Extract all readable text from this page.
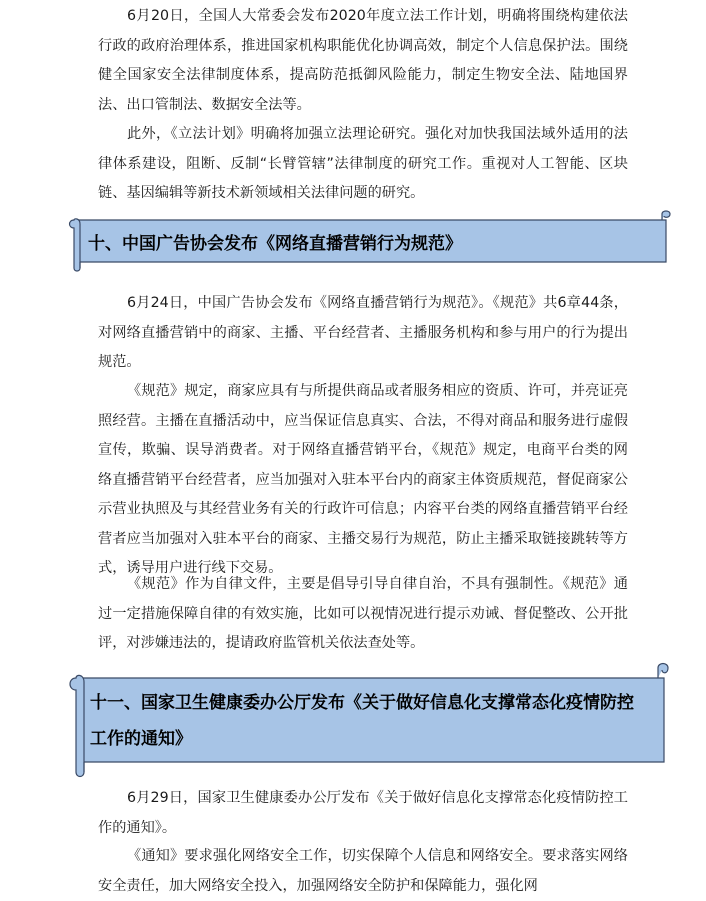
6月20日，全国人大常委会发布2020年度立法工作计划，明确将围绕构建依法行政的政府治理体系，推进国家机构职能优化协调高效，制定个人信息保护法。围绕健全国家安全法律制度体系，提高防范抵御风险能力，制定生物安全法、陆地国界法、出口管制法、数据安全法等。

此外，《立法计划》明确将加强立法理论研究。强化对加快我国法域外适用的法律体系建设，阻断、反制“长臂管辖”法律制度的研究工作。重视对人工智能、区块链、基因编辑等新技术新领域相关法律问题的研究。

十、中国广告协会发布《网络直播营销行为规范》

6月24日，中国广告协会发布《网络直播营销行为规范》。《规范》共6章44条，对网络直播营销中的商家、主播、平台经营者、主播服务机构和参与用户的行为提出规范。

《规范》规定，商家应具有与所提供商品或者服务相应的资质、许可，并亮证亮照经营。主播在直播活动中，应当保证信息真实、合法，不得对商品和服务进行虚假宣传，欺骗、误导消费者。对于网络直播营销平台，《规范》规定，电商平台类的网络直播营销平台经营者，应当加强对入驻本平台内的商家主体资质规范，督促商家公示营业执照及与其经营业务有关的行政许可信息；内容平台类的网络直播营销平台经营者应当加强对入驻本平台的商家、主播交易行为规范，防止主播采取链接跳转等方式，诱导用户进行线下交易。

《规范》作为自律文件，主要是倡导引导自律自治，不具有强制性。《规范》通过一定措施保障自律的有效实施，比如可以视情况进行提示劝诫、督促整改、公开批评，对涉嫌违法的，提请政府监管机关依法查处等。

十一、国家卫生健康委办公厅发布《关于做好信息化支撑常态化疫情防控
工作的通知》

6月29日，国家卫生健康委办公厅发布《关于做好信息化支撑常态化疫情防控工作的通知》。

《通知》要求强化网络安全工作，切实保障个人信息和网络安全。要求落实网络安全责任，加大网络安全投入，加强网络安全防护和保障能力，强化网
